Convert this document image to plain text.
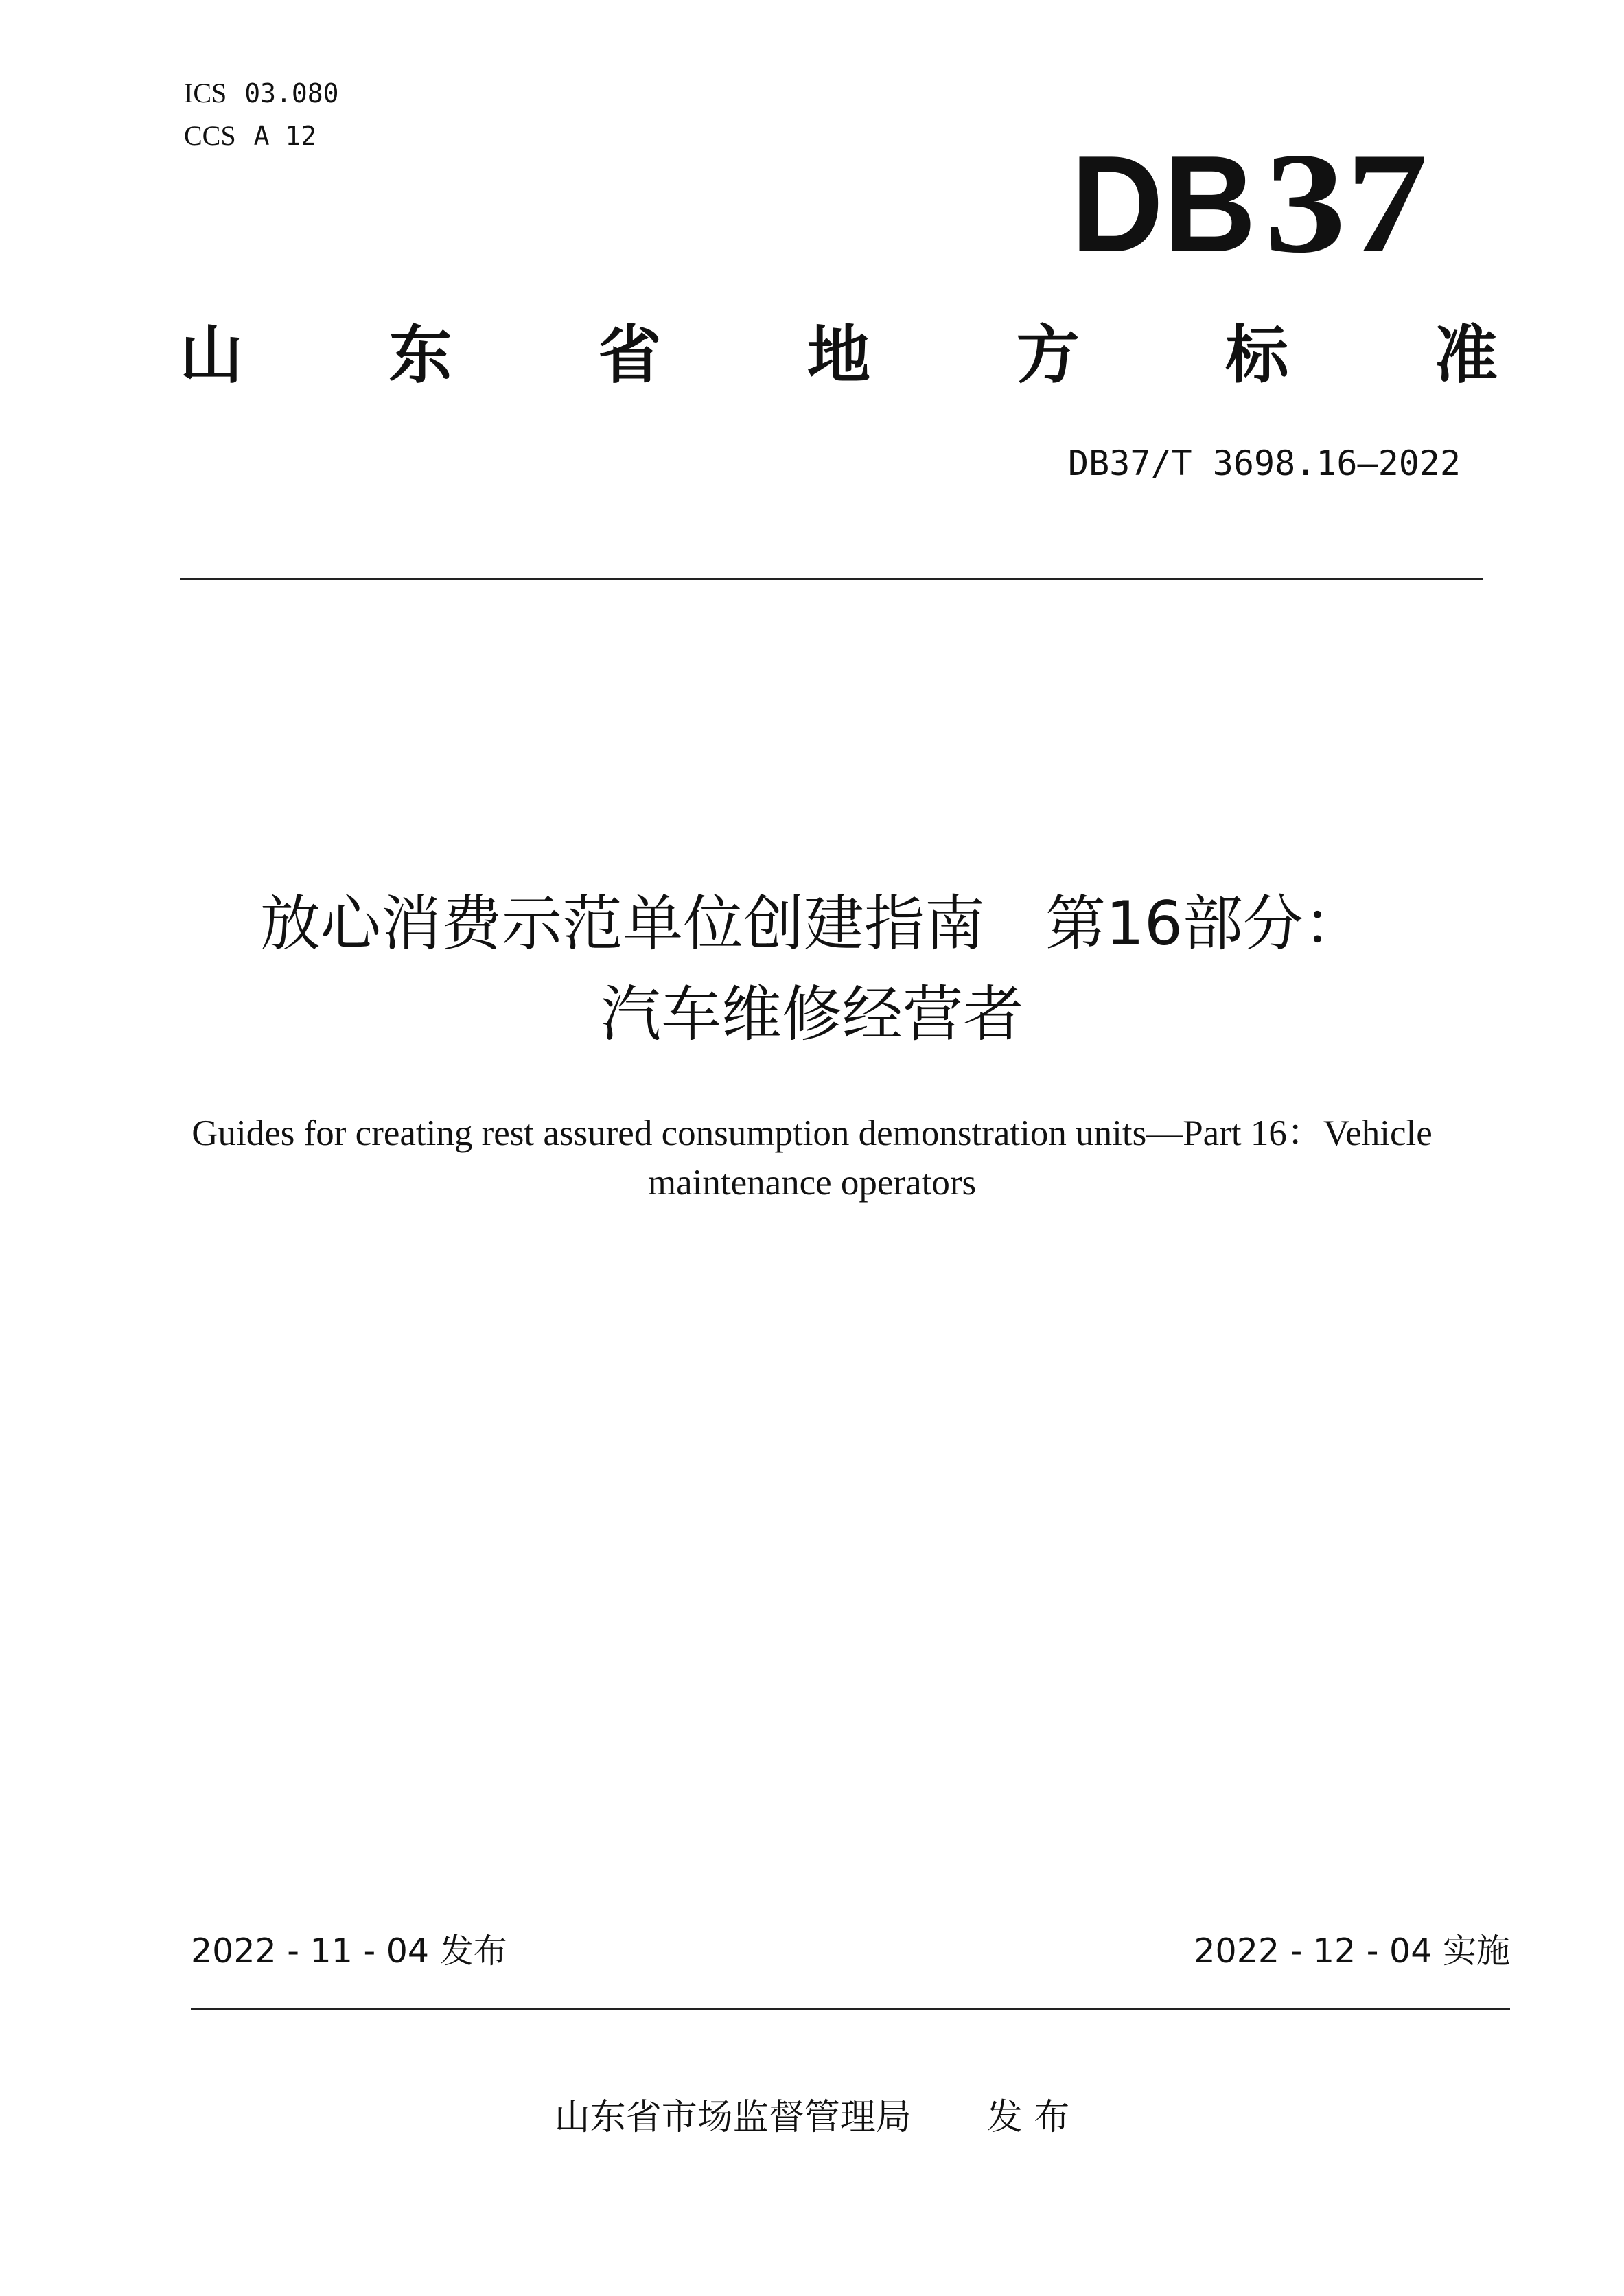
ICS 03.080
CCS A 12	DB 37
山 东 省 地 方 标 准
DB37/T 3698.16—2022
放心消费示范单位创建指南　第16部分：
汽车维修经营者
Guides for creating rest assured consumption demonstration units—Part 16：Vehicle
maintenance operators
2022 - 11 - 04 发布	2022 - 12 - 04 实施
山东省市场监督管理局 发 布
